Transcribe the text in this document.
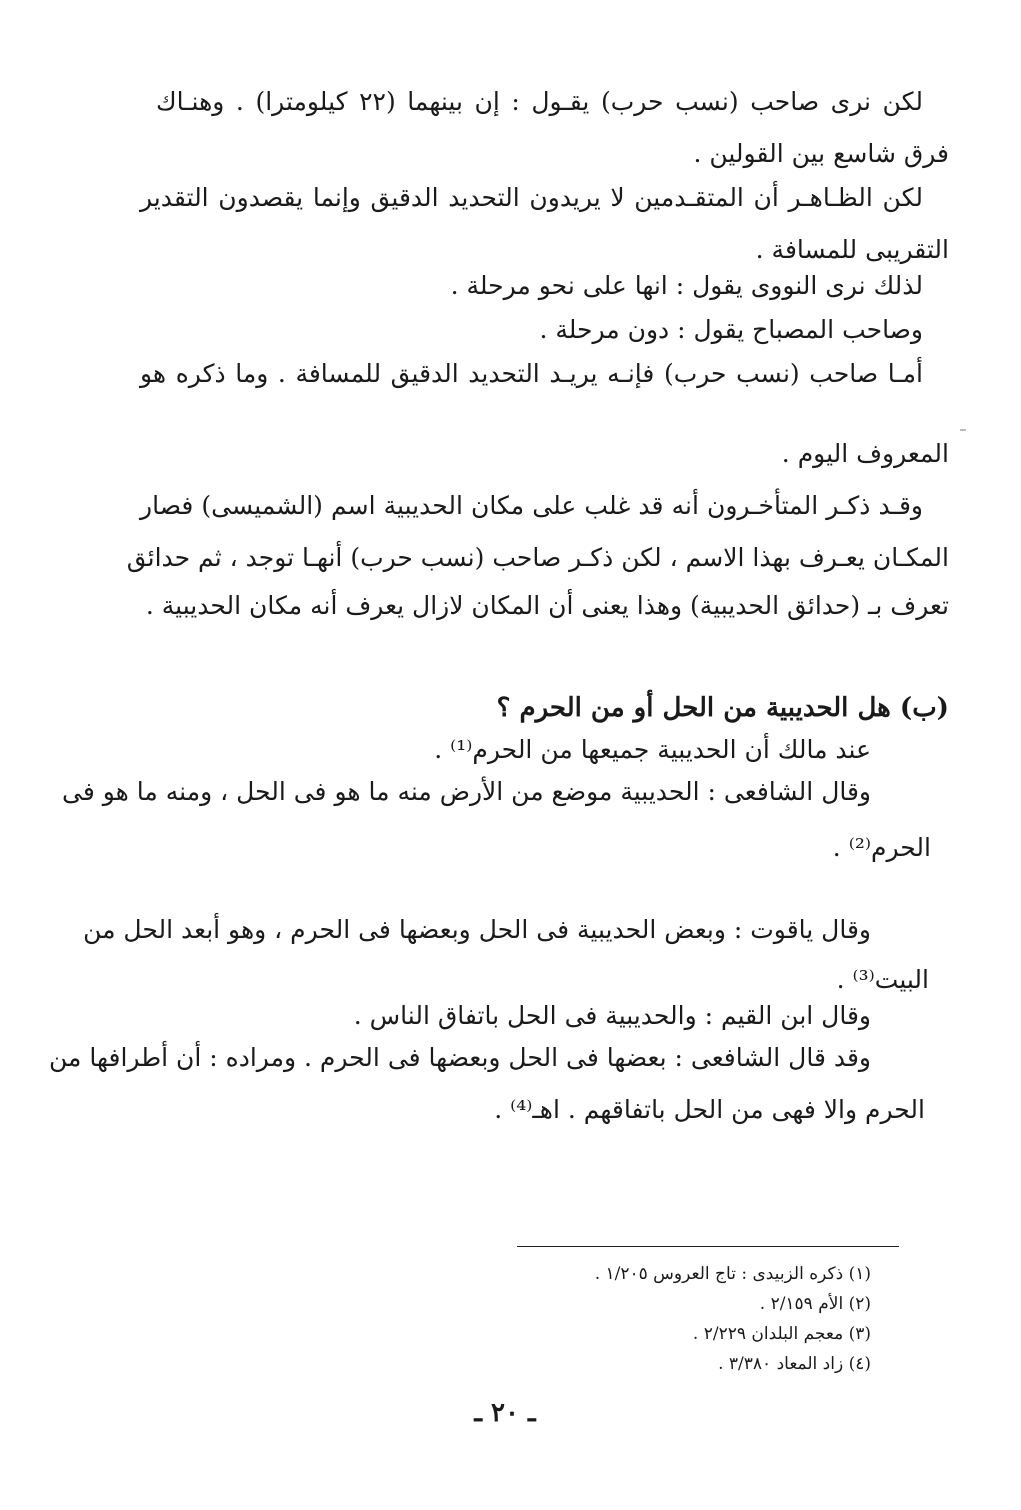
لكن نرى صاحب (نسب حرب) يقـول : إن بينهما (٢٢ كيلومترا) . وهنـاك
فرق شاسع بين القولين .
لكن الظـاهـر أن المتقـدمين لا يريدون التحديد الدقيق وإنما يقصدون التقدير
التقريبى للمسافة .
لذلك نرى النووى يقول : انها على نحو مرحلة .
وصاحب المصباح يقول : دون مرحلة .
أمـا صاحب (نسب حرب) فإنـه يريـد التحديد الدقيق للمسافة . وما ذكره هو
المعروف اليوم .
وقـد ذكـر المتأخـرون أنه قد غلب على مكان الحديبية اسم (الشميسى) فصار
المكـان يعـرف بهذا الاسم ، لكن ذكـر صاحب (نسب حرب) أنهـا توجد ، ثم حدائق
تعرف بـ (حدائق الحديبية) وهذا يعنى أن المكان لازال يعرف أنه مكان الحديبية .
(ب) هل الحديبية من الحل أو من الحرم ؟
عند مالك أن الحديبية جميعها من الحرم⁽¹⁾ .
وقال الشافعى : الحديبية موضع من الأرض منه ما هو فى الحل ، ومنه ما هو فى
الحرم⁽²⁾ .
وقال ياقوت : وبعض الحديبية فى الحل وبعضها فى الحرم ، وهو أبعد الحل من
البيت⁽³⁾ .
وقال ابن القيم : والحديبية فى الحل باتفاق الناس .
وقد قال الشافعى : بعضها فى الحل وبعضها فى الحرم . ومراده : أن أطرافها من
الحرم والا فهى من الحل باتفاقهم . اهـ⁽⁴⁾ .
(١) ذكره الزبيدى : تاج العروس ١/٢٠٥ .
(٢) الأم ٢/١٥٩ .
(٣) معجم البلدان ٢/٢٢٩ .
(٤) زاد المعاد ٣/٣٨٠ .
ـ ٢٠ ـ
